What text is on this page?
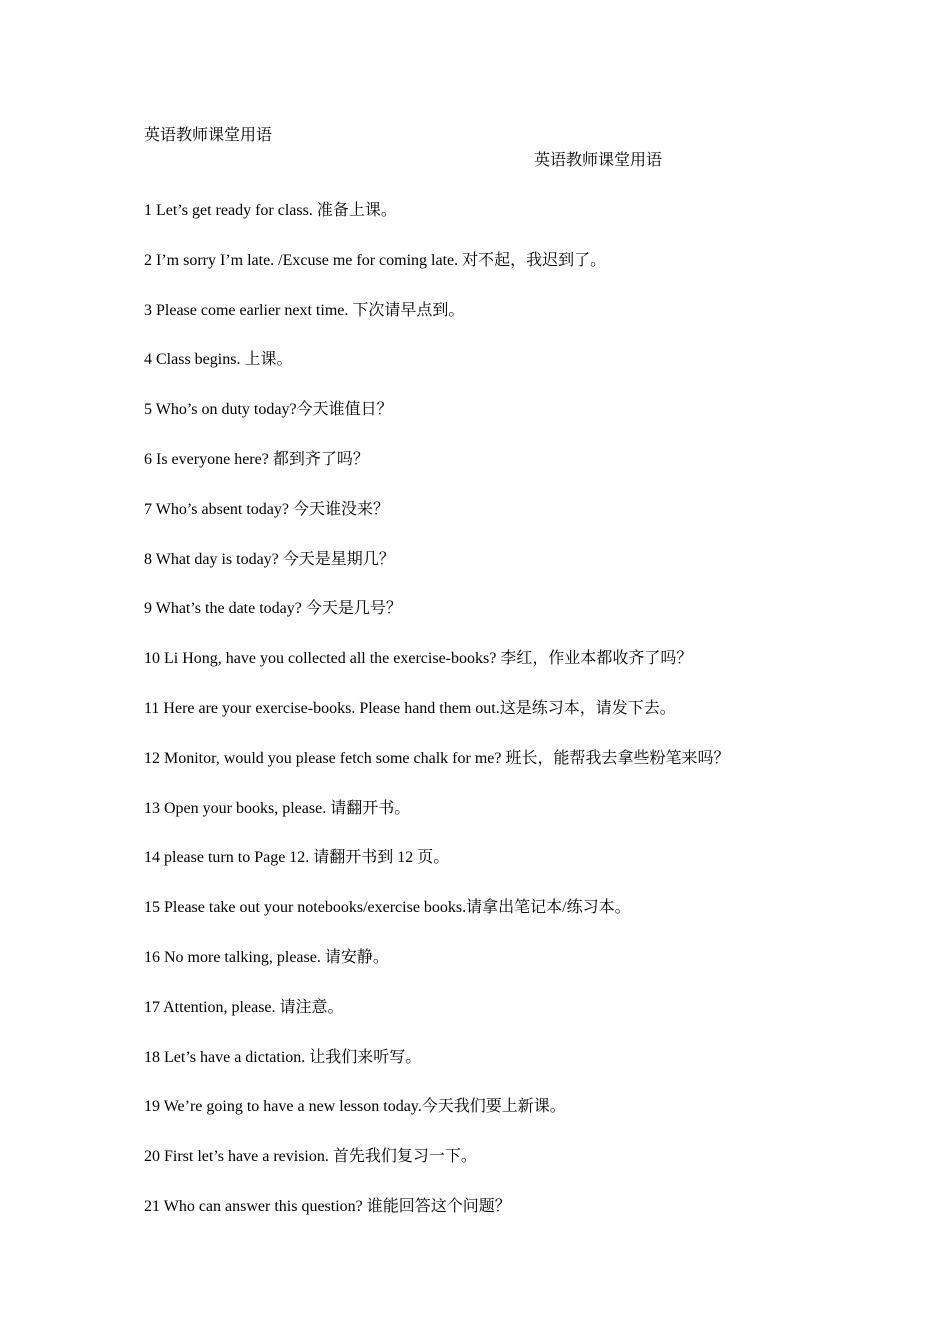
英语教师课堂用语
英语教师课堂用语
1 Let’s get ready for class. 准备上课。
2 I’m sorry I’m late. /Excuse me for coming late. 对不起，我迟到了。
3 Please come earlier next time. 下次请早点到。
4 Class begins. 上课。
5 Who’s on duty today?今天谁值日？
6 Is everyone here? 都到齐了吗？
7 Who’s absent today? 今天谁没来？
8 What day is today? 今天是星期几？
9 What’s the date today? 今天是几号？
10 Li Hong, have you collected all the exercise-books? 李红，作业本都收齐了吗？
11 Here are your exercise-books. Please hand them out.这是练习本，请发下去。
12 Monitor, would you please fetch some chalk for me? 班长，能帮我去拿些粉笔来吗？
13 Open your books, please. 请翻开书。
14 please turn to Page 12. 请翻开书到 12 页。
15 Please take out your notebooks/exercise books.请拿出笔记本/练习本。
16 No more talking, please. 请安静。
17 Attention, please. 请注意。
18 Let’s have a dictation. 让我们来听写。
19 We’re going to have a new lesson today.今天我们要上新课。
20 First let’s have a revision. 首先我们复习一下。
21 Who can answer this question? 谁能回答这个问题？
